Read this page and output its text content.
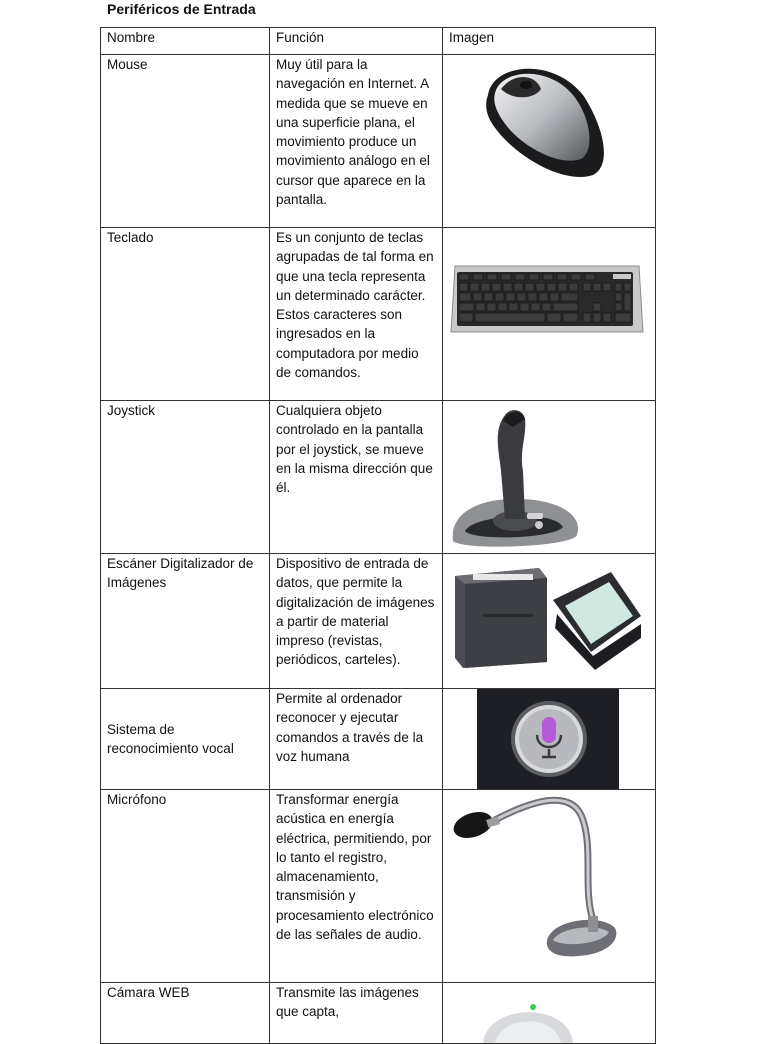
Periféricos de Entrada
Nombre	Función	Imagen
Mouse	Muy útil para la navegación en Internet. A medida que se mueve en una superficie plana, el movimiento produce un movimiento análogo en el cursor que aparece en la pantalla.	

Teclado	Es un conjunto de teclas agrupadas de tal forma en que una tecla representa un determinado carácter. Estos caracteres son ingresados en la computadora por medio de comandos.	

Joystick	Cualquiera objeto controlado en la pantalla por el joystick, se mueve en la misma dirección que él.	

Escáner Digitalizador de Imágenes	Dispositivo de entrada de datos, que permite la digitalización de imágenes a partir de material impreso (revistas, periódicos, carteles).	

Sistema de reconocimiento vocal	Permite al ordenador reconocer y ejecutar comandos a través de la voz humana	

Micrófono	Transformar energía acústica en energía eléctrica, permitiendo, por lo tanto el registro, almacenamiento, transmisión y procesamiento electrónico de las señales de audio.	

Cámara WEB	Transmite las imágenes que capta,	
